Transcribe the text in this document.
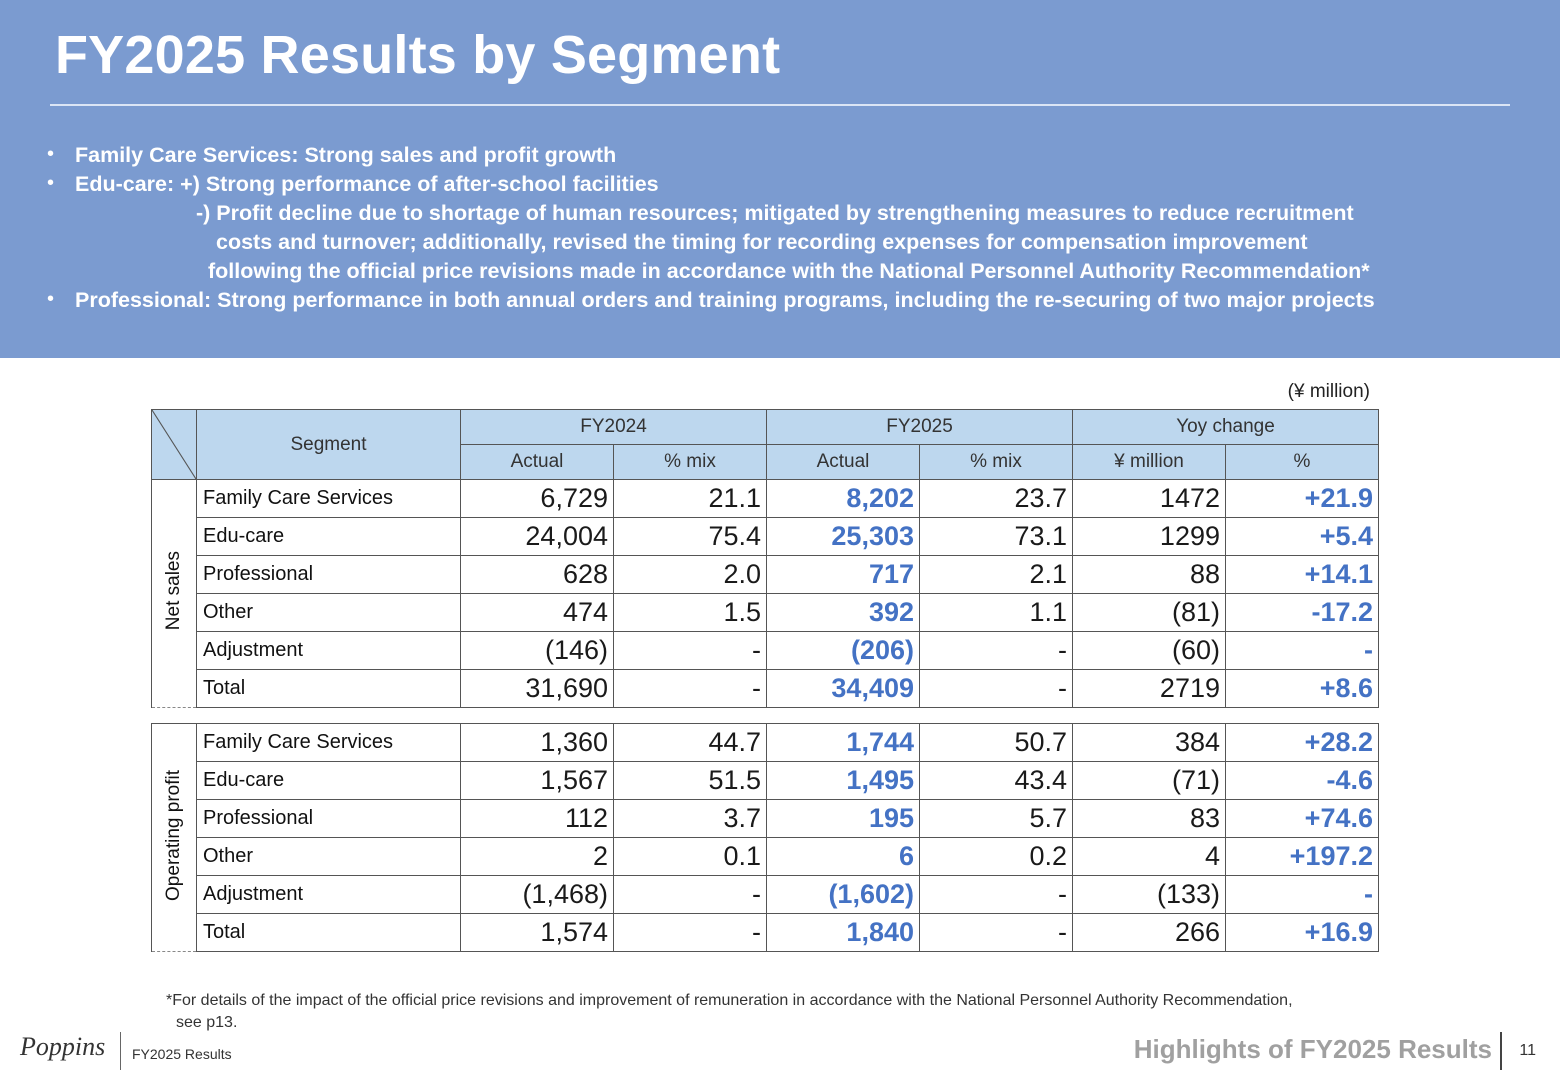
FY2025 Results by Segment
• Family Care Services: Strong sales and profit growth
• Edu-care: +) Strong performance of after-school facilities
-) Profit decline due to shortage of human resources; mitigated by strengthening measures to reduce recruitment
costs and turnover; additionally, revised the timing for recording expenses for compensation improvement
following the official price revisions made in accordance with the National Personnel Authority Recommendation*
• Professional: Strong performance in both annual orders and training programs, including the re-securing of two major projects
(¥ million)
	Segment	FY2024		FY2025		Yoy change	
		Actual	% mix	Actual	% mix	¥ million	%
Net sales	Family Care Services	6,729	21.1	8,202	23.7	1472	+21.9
	Edu-care	24,004	75.4	25,303	73.1	1299	+5.4
	Professional	628	2.0	717	2.1	88	+14.1
	Other	474	1.5	392	1.1	(81)	-17.2
	Adjustment	(146)	-	(206)	-	(60)	-
	Total	31,690	-	34,409	-	2719	+8.6
Operating profit	Family Care Services	1,360	44.7	1,744	50.7	384	+28.2
	Edu-care	1,567	51.5	1,495	43.4	(71)	-4.6
	Professional	112	3.7	195	5.7	83	+74.6
	Other	2	0.1	6	0.2	4	+197.2
	Adjustment	(1,468)	-	(1,602)	-	(133)	-
	Total	1,574	-	1,840	-	266	+16.9
*For details of the impact of the official price revisions and improvement of remuneration in accordance with the National Personnel Authority Recommendation,
see p13.
Poppins FY2025 Results	Highlights of FY2025 Results 11
